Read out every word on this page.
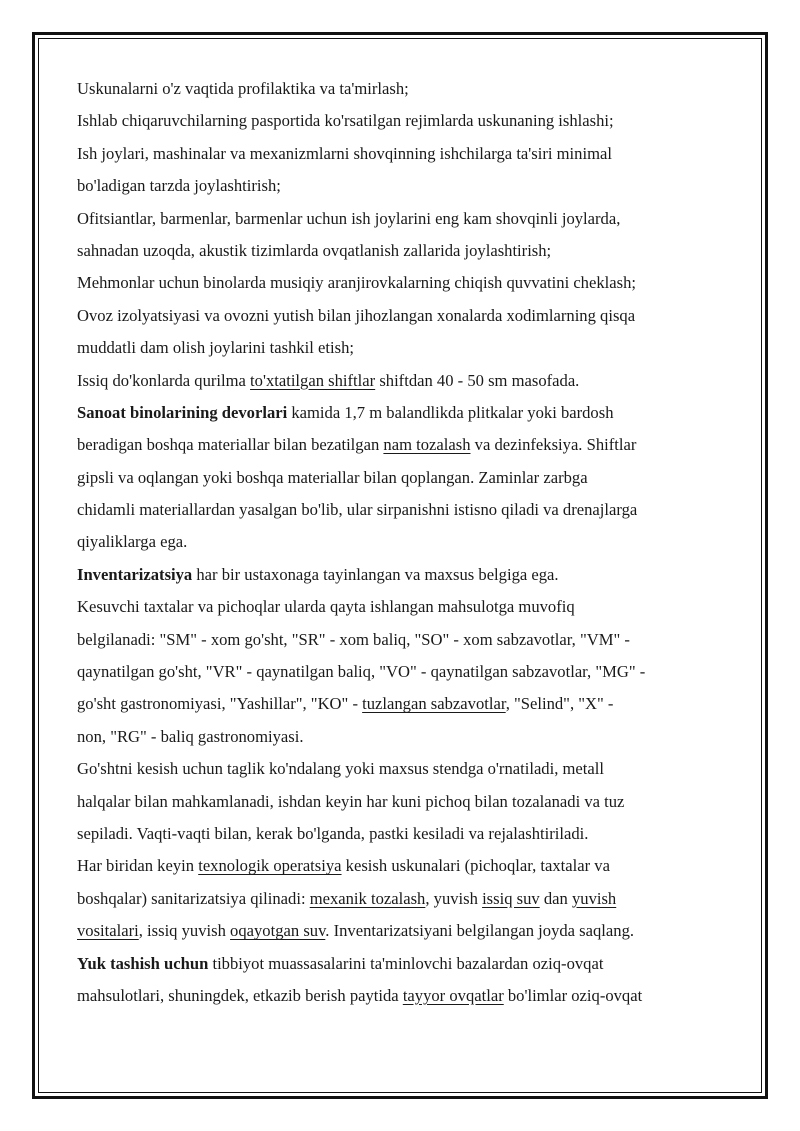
Uskunalarni o'z vaqtida profilaktika va ta'mirlash;
Ishlab chiqaruvchilarning pasportida ko'rsatilgan rejimlarda uskunaning ishlashi;
Ish joylari, mashinalar va mexanizmlarni shovqinning ishchilarga ta'siri minimal
bo'ladigan tarzda joylashtirish;
Ofitsiantlar, barmenlar, barmenlar uchun ish joylarini eng kam shovqinli joylarda,
sahnadan uzoqda, akustik tizimlarda ovqatlanish zallarida joylashtirish;
Mehmonlar uchun binolarda musiqiy aranjirovkalarning chiqish quvvatini cheklash;
Ovoz izolyatsiyasi va ovozni yutish bilan jihozlangan xonalarda xodimlarning qisqa
muddatli dam olish joylarini tashkil etish;
Issiq do'konlarda qurilma to'xtatilgan shiftlar shiftdan 40 - 50 sm masofada.
Sanoat binolarining devorlari kamida 1,7 m balandlikda plitkalar yoki bardosh
beradigan boshqa materiallar bilan bezatilgan nam tozalash va dezinfeksiya. Shiftlar
gipsli va oqlangan yoki boshqa materiallar bilan qoplangan. Zaminlar zarbga
chidamli materiallardan yasalgan bo'lib, ular sirpanishni istisno qiladi va drenajlarga
qiyaliklarga ega.
Inventarizatsiya har bir ustaxonaga tayinlangan va maxsus belgiga ega.
Kesuvchi taxtalar va pichoqlar ularda qayta ishlangan mahsulotga muvofiq
belgilanadi: "SM" - xom go'sht, "SR" - xom baliq, "SO" - xom sabzavotlar, "VM" -
qaynatilgan go'sht, "VR" - qaynatilgan baliq, "VO" - qaynatilgan sabzavotlar, "MG" -
go'sht gastronomiyasi, "Yashillar", "KO" - tuzlangan sabzavotlar, "Selind", "X" -
non, "RG" - baliq gastronomiyasi.
Go'shtni kesish uchun taglik ko'ndalang yoki maxsus stendga o'rnatiladi, metall
halqalar bilan mahkamlanadi, ishdan keyin har kuni pichoq bilan tozalanadi va tuz
sepiladi. Vaqti-vaqti bilan, kerak bo'lganda, pastki kesiladi va rejalashtiriladi.
Har biridan keyin texnologik operatsiya kesish uskunalari (pichoqlar, taxtalar va
boshqalar) sanitarizatsiya qilinadi: mexanik tozalash, yuvish issiq suv dan yuvish
vositalari, issiq yuvish oqayotgan suv. Inventarizatsiyani belgilangan joyda saqlang.
Yuk tashish uchun tibbiyot muassasalarini ta'minlovchi bazalardan oziq-ovqat
mahsulotlari, shuningdek, etkazib berish paytida tayyor ovqatlar bo'limlar oziq-ovqat
